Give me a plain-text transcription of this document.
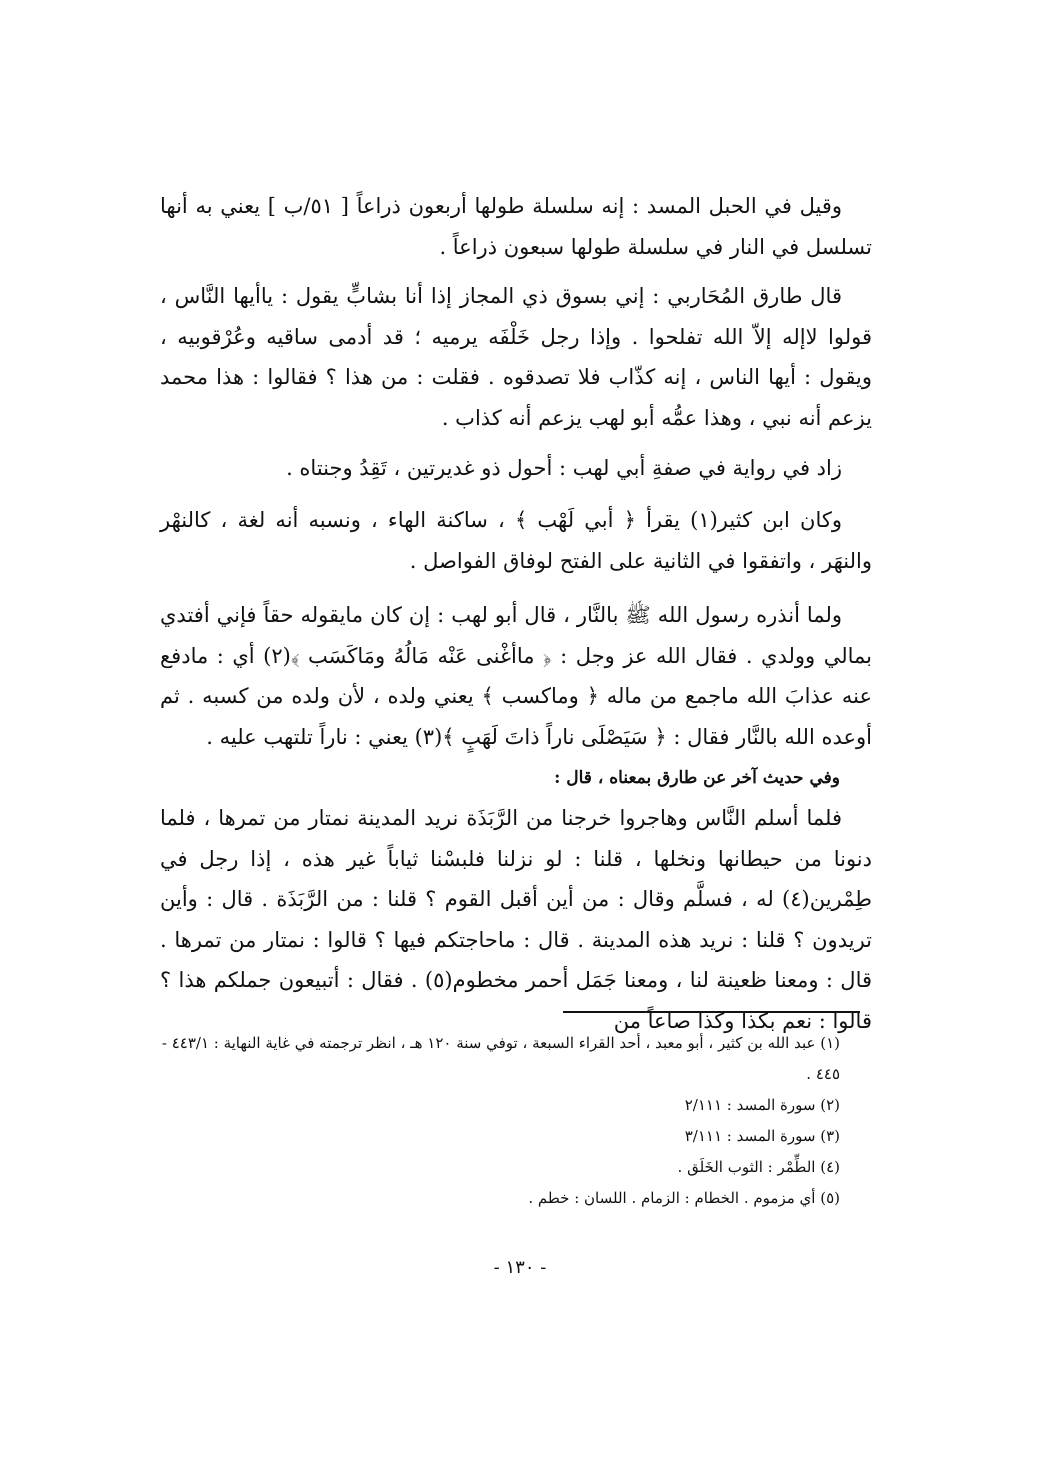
وقيل في الحبل المسد : إنه سلسلة طولها أربعون ذراعاً [ ٥١/ب ] يعني به أنها تسلسل في النار في سلسلة طولها سبعون ذراعاً .

قال طارق المُحَاربي : إني بسوق ذي المجاز إذا أنا بشابٍّ يقول : ياأيها النَّاس ، قولوا لاإله إلاّ الله تفلحوا . وإذا رجل خَلْفَه يرميه ؛ قد أدمى ساقيه وعُرْقوبيه ، ويقول : أيها الناس ، إنه كذّاب فلا تصدقوه . فقلت : من هذا ؟ فقالوا : هذا محمد يزعم أنه نبي ، وهذا عمُّه أبو لهب يزعم أنه كذاب .

زاد في رواية في صفةِ أبي لهب : أحول ذو غديرتين ، تَقِدُ وجنتاه .

وكان ابن كثير(١) يقرأ ﴿ أبي لَهْب ﴾ ، ساكنة الهاء ، ونسبه أنه لغة ، كالنهْر والنهَر ، واتفقوا في الثانية على الفتح لوفاق الفواصل .

ولما أنذره رسول الله ﷺ بالنَّار ، قال أبو لهب : إن كان مايقوله حقاً فإني أفتدي بمالي وولدي . فقال الله عز وجل : ﴿ ماأغْنى عَنْه مَالُهُ ومَاكَسَب ﴾(٢) أي : مادفع عنه عذابَ الله ماجمع من ماله ﴿ وماكسب ﴾ يعني ولده ، لأن ولده من كسبه . ثم أوعده الله بالنَّار فقال : ﴿ سَيَصْلَى ناراً ذاتَ لَهَبٍ ﴾(٣) يعني : ناراً تلتهب عليه .

وفي حديث آخر عن طارق بمعناه ، قال :

فلما أسلم النَّاس وهاجروا خرجنا من الرَّبَذَة نريد المدينة نمتار من تمرها ، فلما دنونا من حيطانها ونخلها ، قلنا : لو نزلنا فلبسْنا ثياباً غير هذه ، إذا رجل في طِمْرين(٤) له ، فسلَّم وقال : من أين أقبل القوم ؟ قلنا : من الرَّبَذَة . قال : وأين تريدون ؟ قلنا : نريد هذه المدينة . قال : ماحاجتكم فيها ؟ قالوا : نمتار من تمرها . قال : ومعنا ظعينة لنا ، ومعنا جَمَل أحمر مخطوم(٥) . فقال : أتبيعون جملكم هذا ؟ قالوا : نعم بكذا وكذا صاعاً من

(١) عبد الله بن كثير ، أبو معبد ، أحد القراء السبعة ، توفي سنة ١٢٠ هـ ، انظر ترجمته في غاية النهاية : ٤٤٣/١ - ٤٤٥ .

(٢) سورة المسد : ٢/١١١

(٣) سورة المسد : ٣/١١١

(٤) الطِّمْر : الثوب الخَلَق .

(٥) أي مزموم . الخطام : الزمام . اللسان : خطم .

- ١٣٠ -
